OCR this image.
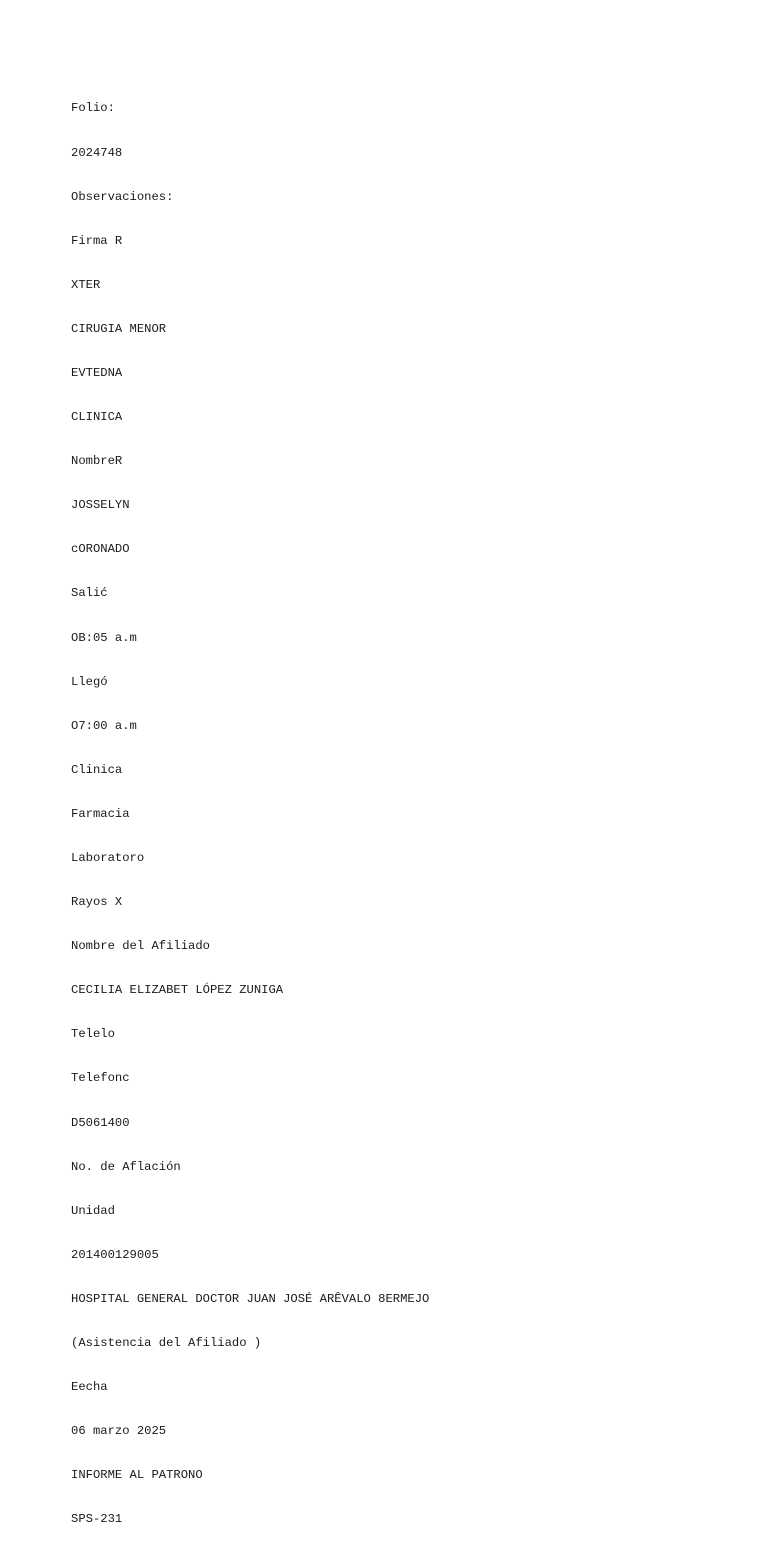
Folio:

2024748

Observaciones:

Firma R

XTER

CIRUGIA MENOR

EVTEDNA

CLINICA

NombreR

JOSSELYN

cORONADO

Salić

OB:05 a.m

Llegó

O7:00 a.m

Clinica

Farmacia

Laboratoro

Rayos X

Nombre del Afiliado

CECILIA ELIZABET LÓPEZ ZUNIGA

Telelo

Telefonc

D5061400

No. de Aflación

Unidad

201400129005

HOSPITAL GENERAL DOCTOR JUAN JOSÉ ARÊVALO 8ERMEJO

(Asistencia del Afiliado )

Eecha

06 marzo 2025

INFORME AL PATRONO

SPS-231
